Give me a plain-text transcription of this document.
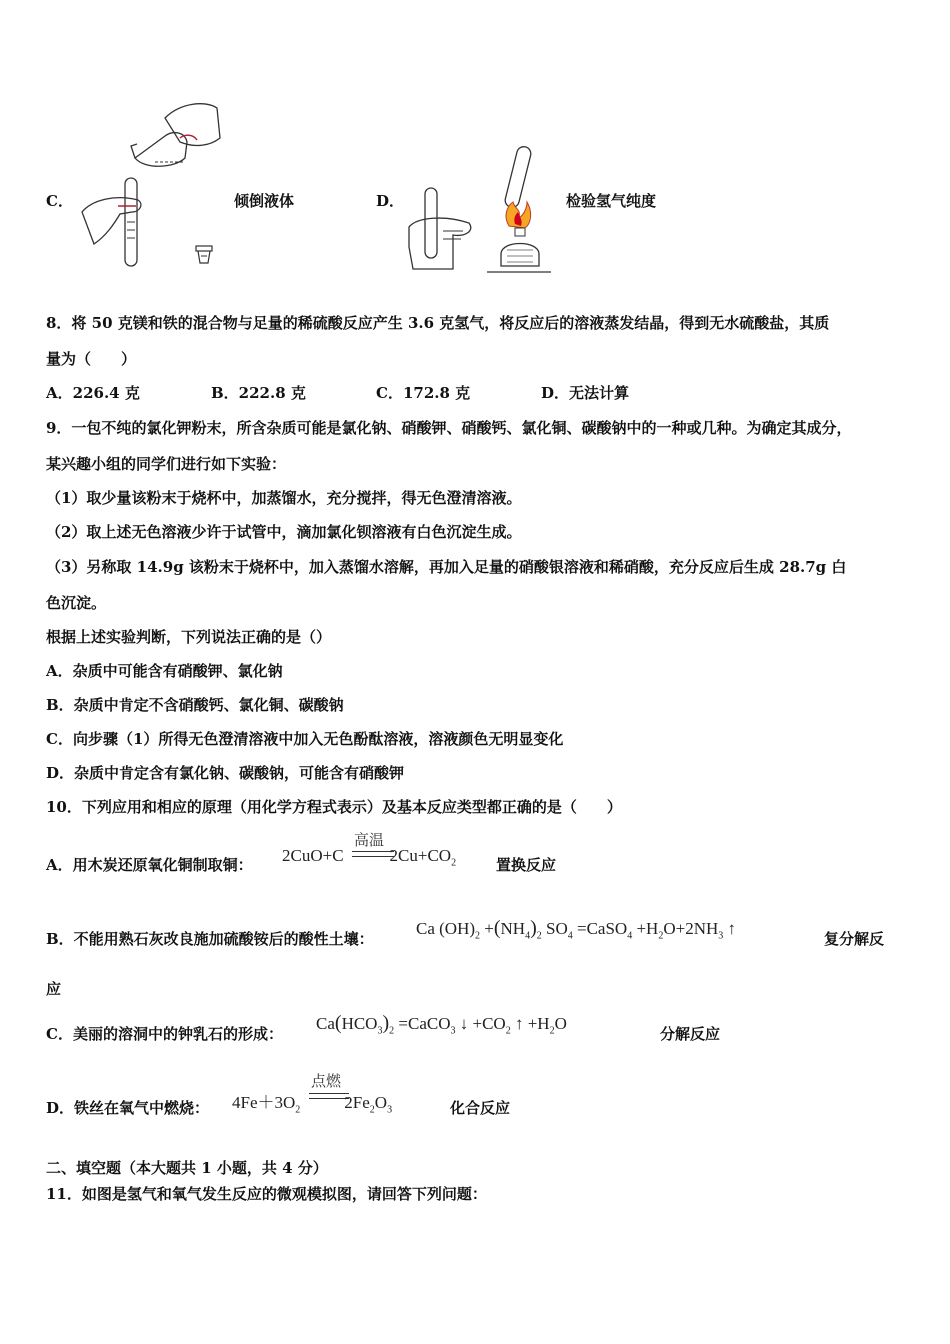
C．	倾倒液体	D．	检验氢气纯度
8．将 50 克镁和铁的混合物与足量的稀硫酸反应产生 3.6 克氢气，将反应后的溶液蒸发结晶，得到无水硫酸盐，其质
量为（　　）
A．226.4 克	B．222.8 克	C．172.8 克	D．无法计算
9．一包不纯的氯化钾粉末，所含杂质可能是氯化钠、硝酸钾、硝酸钙、氯化铜、碳酸钠中的一种或几种。为确定其成分，
某兴趣小组的同学们进行如下实验：
（1）取少量该粉末于烧杯中，加蒸馏水，充分搅拌，得无色澄清溶液。
（2）取上述无色溶液少许于试管中，滴加氯化钡溶液有白色沉淀生成。
（3）另称取 14.9g 该粉末于烧杯中，加入蒸馏水溶解，再加入足量的硝酸银溶液和稀硝酸，充分反应后生成 28.7g 白
色沉淀。
根据上述实验判断，下列说法正确的是（）
A．杂质中可能含有硝酸钾、氯化钠
B．杂质中肯定不含硝酸钙、氯化铜、碳酸钠
C．向步骤（1）所得无色澄清溶液中加入无色酚酞溶液，溶液颜色无明显变化
D．杂质中肯定含有氯化钠、碳酸钠，可能含有硝酸钾
10．下列应用和相应的原理（用化学方程式表示）及基本反应类型都正确的是（　　）
A．用木炭还原氧化铜制取铜：
高温
2CuO+C	$2Cu+CO_2$	置换反应
B．不能用熟石灰改良施加硫酸铵后的酸性土壤：
Ca $(OH)_2 +(NH_4)_2$ $SO_4$ =CaSO$_4$ $+H_2O+2NH_3$ ↑
复分解反
应
C．美丽的溶洞中的钟乳石的形成：
$Ca(HCO_3)_2$ =CaCO$_3$ ↓ $+CO_2$ ↑ $+H_2O$
分解反应
D．铁丝在氧气中燃烧：
点燃
$4Fe+3O_2$	$2Fe_2O_3$	化合反应
二、填空题（本大题共 1 小题，共 4 分）
11．如图是氢气和氧气发生反应的微观模拟图，请回答下列问题：
